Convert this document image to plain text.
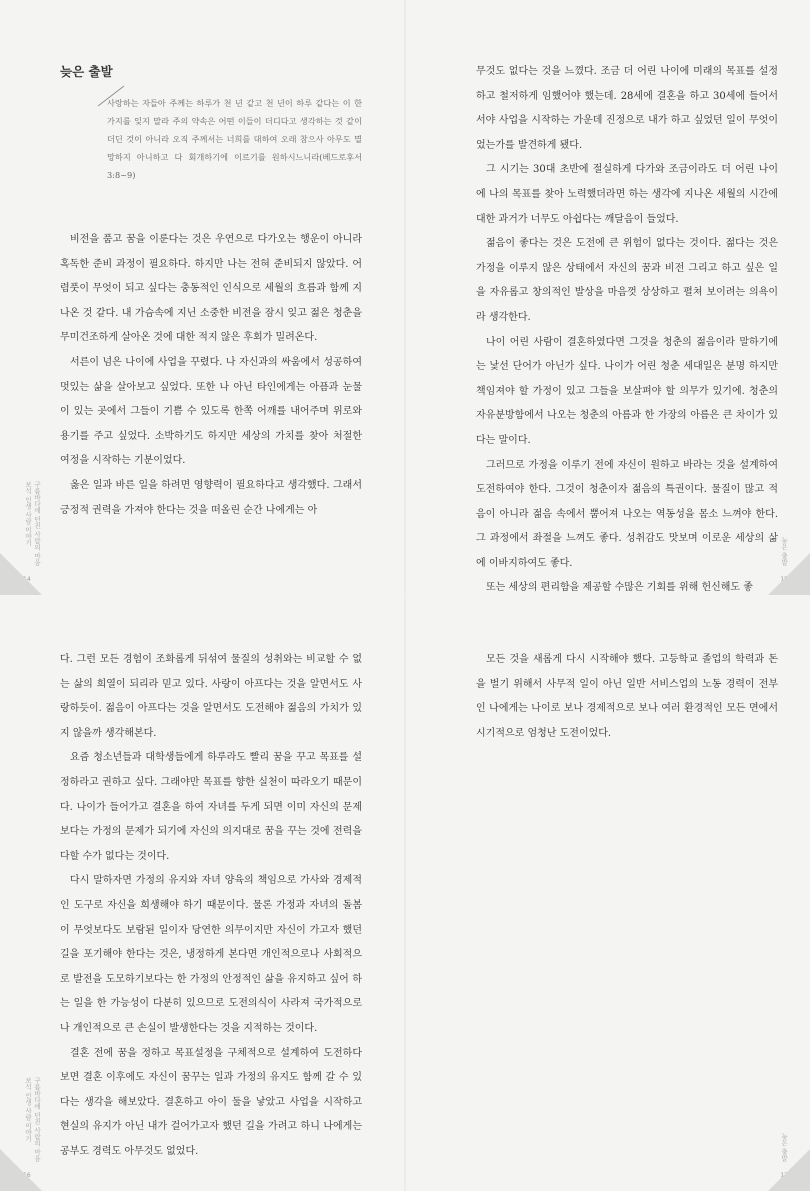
늦은 출발

사랑하는 자들아 주께는 하루가 천 년 같고 천 년이 하루 같다는 이 한 가지를 잊지 말라 주의 약속은 어떤 이들이 더디다고 생각하는 것 같이 더딘 것이 아니라 오직 주께서는 너희를 대하여 오래 참으사 아무도 멸망하지 아니하고 다 회개하기에 이르기를 원하시느니라(베드로후서3:8~9)

비전을 품고 꿈을 이룬다는 것은 우연으로 다가오는 행운이 아니라 혹독한 준비 과정이 필요하다. 하지만 나는 전혀 준비되지 않았다. 어렴풋이 무엇이 되고 싶다는 충동적인 인식으로 세월의 흐름과 함께 지나온 것 같다. 내 가슴속에 지닌 소중한 비전을 잠시 잊고 젊은 청춘을 무미건조하게 살아온 것에 대한 적지 않은 후회가 밀려온다.
서른이 넘은 나이에 사업을 꾸렸다. 나 자신과의 싸움에서 성공하여 멋있는 삶을 살아보고 싶었다. 또한 나 아닌 타인에게는 아픔과 눈물이 있는 곳에서 그들이 기쁨 수 있도록 한쪽 어깨를 내어주며 위로와 용기를 주고 싶었다. 소박하기도 하지만 세상의 가치를 찾아 처절한 여정을 시작하는 기분이었다.
옳은 일과 바른 일을 하려면 영향력이 필요하다고 생각했다. 그래서 긍정적 권력을 가져야 한다는 것을 떠올린 순간 나에게는 아

구름바다에 던진 사람의 마음
보석 인생 사람 이야기
14

무것도 없다는 것을 느꼈다. 조금 더 어린 나이에 미래의 목표를 설정하고 철저하게 임했어야 했는데. 28세에 결혼을 하고 30세에 들어서서야 사업을 시작하는 가운데 진정으로 내가 하고 싶었던 일이 무엇이었는가를 발견하게 됐다.
그 시기는 30대 초반에 절실하게 다가와 조금이라도 더 어린 나이에 나의 목표를 찾아 노력했더라면 하는 생각에 지나온 세월의 시간에 대한 과거가 너무도 아쉽다는 깨달음이 들었다.
젊음이 좋다는 것은 도전에 큰 위험이 없다는 것이다. 젊다는 것은 가정을 이루지 않은 상태에서 자신의 꿈과 비전 그리고 하고 싶은 일을 자유롭고 창의적인 발상을 마음껏 상상하고 펼쳐 보이려는 의욕이라 생각한다.
나이 어린 사람이 결혼하였다면 그것을 청춘의 젊음이라 말하기에는 낯선 단어가 아닌가 싶다. 나이가 어린 청춘 세대일은 분명 하지만 책임져야 할 가정이 있고 그들을 보살펴야 할 의무가 있기에. 청춘의 자유분방함에서 나오는 청춘의 아름과 한 가장의 아름은 큰 차이가 있다는 말이다.
그러므로 가정을 이루기 전에 자신이 원하고 바라는 것을 설계하여 도전하여야 한다. 그것이 청춘이자 젊음의 특권이다. 물질이 많고 적음이 아니라 젊음 속에서 뿜어져 나오는 역동성을 몸소 느껴야 한다. 그 과정에서 좌절을 느껴도 좋다. 성취감도 맛보며 이로운 세상의 삶에 이바지하여도 좋다.
또는 세상의 편리함을 제공할 수많은 기회를 위해 헌신해도 좋

늦은 출발
15

다. 그런 모든 경험이 조화롭게 뒤섞여 물질의 성취와는 비교할 수 없는 삶의 희열이 되리라 믿고 있다. 사랑이 아프다는 것을 알면서도 사랑하듯이. 젊음이 아프다는 것을 알면서도 도전해야 젊음의 가치가 있지 않을까 생각해본다.
요즘 청소년들과 대학생들에게 하루라도 빨리 꿈을 꾸고 목표를 설정하라고 권하고 싶다. 그래야만 목표를 향한 실천이 따라오기 때문이다. 나이가 들어가고 결혼을 하여 자녀를 두게 되면 이미 자신의 문제보다는 가정의 문제가 되기에 자신의 의지대로 꿈을 꾸는 것에 전력을 다할 수가 없다는 것이다.
다시 말하자면 가정의 유지와 자녀 양육의 책임으로 가사와 경제적인 도구로 자신을 희생해야 하기 때문이다. 물론 가정과 자녀의 돌봄이 무엇보다도 보람된 일이자 당연한 의무이지만 자신이 가고자 했던 길을 포기해야 한다는 것은, 냉정하게 본다면 개인적으로나 사회적으로 발전을 도모하기보다는 한 가정의 안정적인 삶을 유지하고 싶어 하는 일을 한 가능성이 다분히 있으므로 도전의식이 사라져 국가적으로나 개인적으로 큰 손실이 발생한다는 것을 지적하는 것이다.
결혼 전에 꿈을 정하고 목표설정을 구체적으로 설계하여 도전하다 보면 결혼 이후에도 자신이 꿈꾸는 일과 가정의 유지도 함께 갈 수 있다는 생각을 해보았다. 결혼하고 아이 둘을 낳았고 사업을 시작하고 현실의 유지가 아닌 내가 걸어가고자 했던 길을 가려고 하니 나에게는 공부도 경력도 아무것도 없었다.

구름바다에 던진 사람의 마음
보석 인생 사람 이야기
16

모든 것을 새롭게 다시 시작해야 했다. 고등학교 졸업의 학력과 돈을 벌기 위해서 사무적 일이 아닌 일반 서비스업의 노동 경력이 전부인 나에게는 나이로 보나 경제적으로 보나 여러 환경적인 모든 면에서 시기적으로 엄청난 도전이었다.

늦은 출발
17
